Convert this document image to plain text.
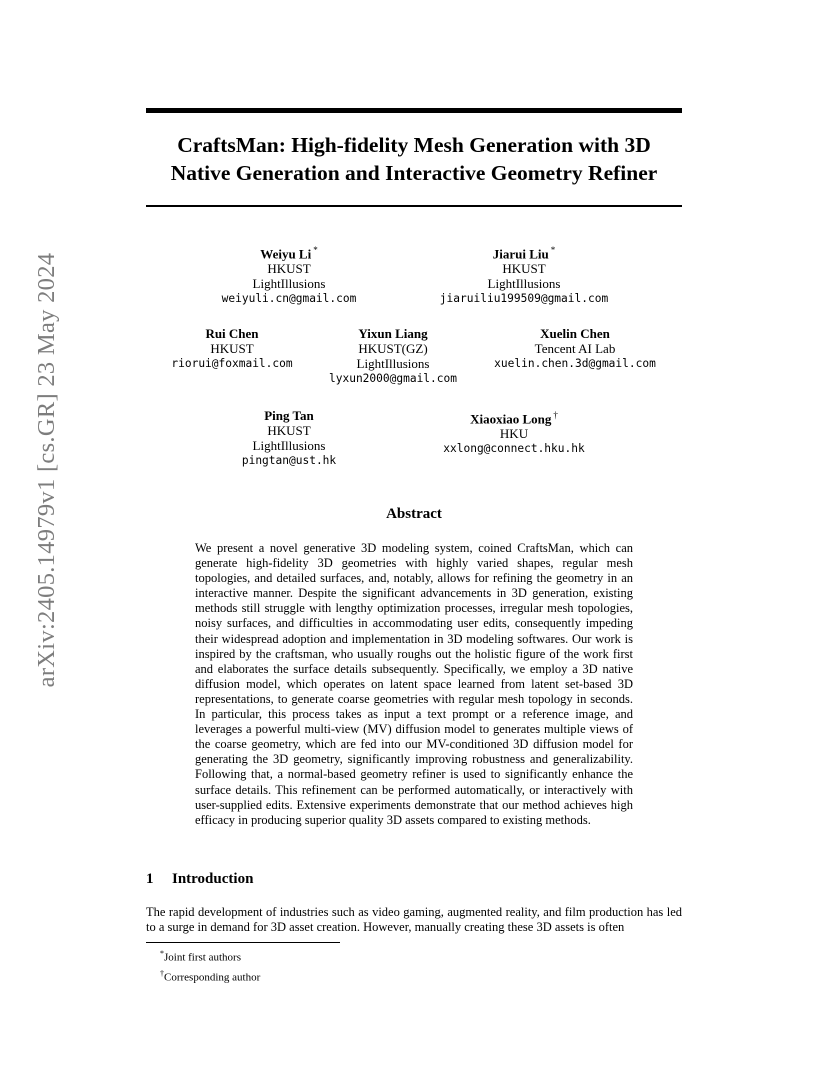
arXiv:2405.14979v1 [cs.GR] 23 May 2024
CraftsMan: High-fidelity Mesh Generation with 3D Native Generation and Interactive Geometry Refiner
Weiyu Li *
HKUST
LightIllusions
weiyuli.cn@gmail.com
Jiarui Liu *
HKUST
LightIllusions
jiaruiliu199509@gmail.com
Rui Chen
HKUST
riorui@foxmail.com
Yixun Liang
HKUST(GZ)
LightIllusions
lyxun2000@gmail.com
Xuelin Chen
Tencent AI Lab
xuelin.chen.3d@gmail.com
Ping Tan
HKUST
LightIllusions
pingtan@ust.hk
Xiaoxiao Long †
HKU
xxlong@connect.hku.hk
Abstract
We present a novel generative 3D modeling system, coined CraftsMan, which can generate high-fidelity 3D geometries with highly varied shapes, regular mesh topologies, and detailed surfaces, and, notably, allows for refining the geometry in an interactive manner. Despite the significant advancements in 3D generation, existing methods still struggle with lengthy optimization processes, irregular mesh topologies, noisy surfaces, and difficulties in accommodating user edits, consequently impeding their widespread adoption and implementation in 3D modeling softwares. Our work is inspired by the craftsman, who usually roughs out the holistic figure of the work first and elaborates the surface details subsequently. Specifically, we employ a 3D native diffusion model, which operates on latent space learned from latent set-based 3D representations, to generate coarse geometries with regular mesh topology in seconds. In particular, this process takes as input a text prompt or a reference image, and leverages a powerful multi-view (MV) diffusion model to generates multiple views of the coarse geometry, which are fed into our MV-conditioned 3D diffusion model for generating the 3D geometry, significantly improving robustness and generalizability. Following that, a normal-based geometry refiner is used to significantly enhance the surface details. This refinement can be performed automatically, or interactively with user-supplied edits. Extensive experiments demonstrate that our method achieves high efficacy in producing superior quality 3D assets compared to existing methods.
1 Introduction
The rapid development of industries such as video gaming, augmented reality, and film production has led to a surge in demand for 3D asset creation. However, manually creating these 3D assets is often
*Joint first authors
†Corresponding author
